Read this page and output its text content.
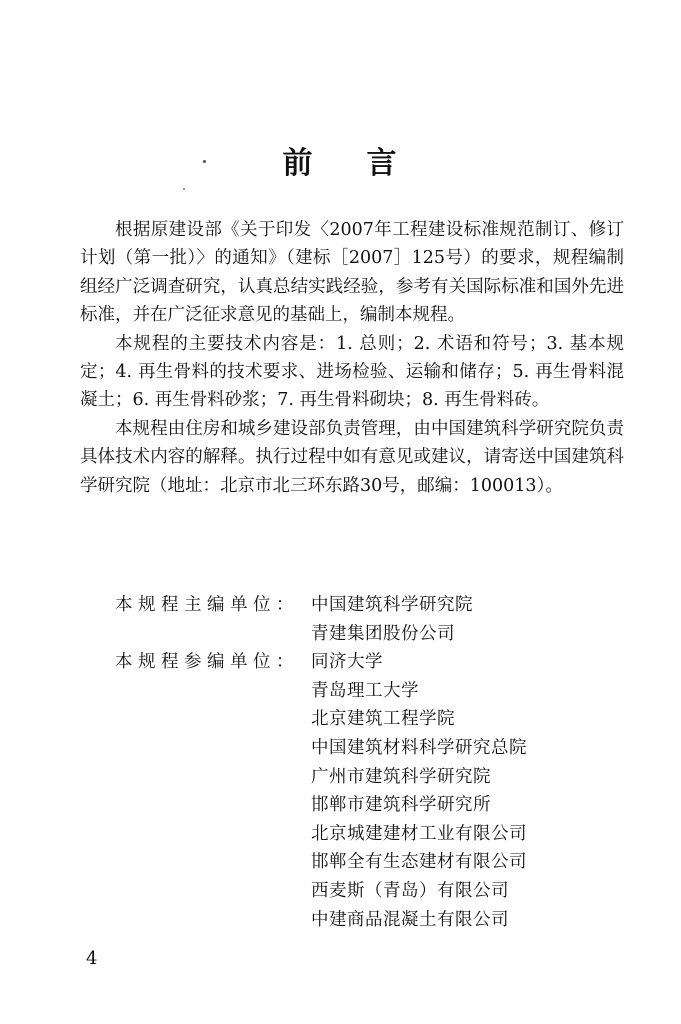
前 言

根据原建设部《关于印发〈2007年工程建设标准规范制订、修订计划（第一批）〉的通知》（建标［2007］125号）的要求，规程编制组经广泛调查研究，认真总结实践经验，参考有关国际标准和国外先进标准，并在广泛征求意见的基础上，编制本规程。

本规程的主要技术内容是：1. 总则；2. 术语和符号；3. 基本规定；4. 再生骨料的技术要求、进场检验、运输和储存；5. 再生骨料混凝土；6. 再生骨料砂浆；7. 再生骨料砌块；8. 再生骨料砖。

本规程由住房和城乡建设部负责管理，由中国建筑科学研究院负责具体技术内容的解释。执行过程中如有意见或建议，请寄送中国建筑科学研究院（地址：北京市北三环东路30号，邮编：100013）。

本规程主编单位： 中国建筑科学研究院
青建集团股份公司
本规程参编单位： 同济大学
青岛理工大学
北京建筑工程学院
中国建筑材料科学研究总院
广州市建筑科学研究院
邯郸市建筑科学研究所
北京城建建材工业有限公司
邯郸全有生态建材有限公司
西麦斯（青岛）有限公司
中建商品混凝土有限公司
4
